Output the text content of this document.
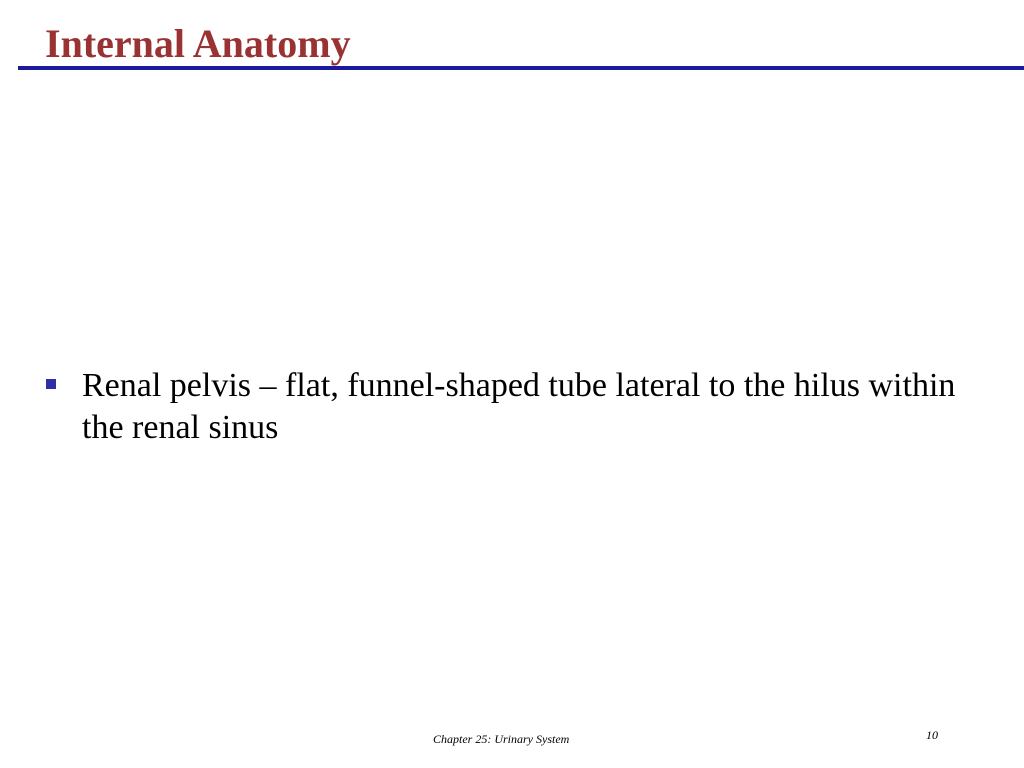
Internal Anatomy
Renal pelvis – flat, funnel-shaped tube lateral to the hilus within the renal sinus
Chapter 25: Urinary System	10
